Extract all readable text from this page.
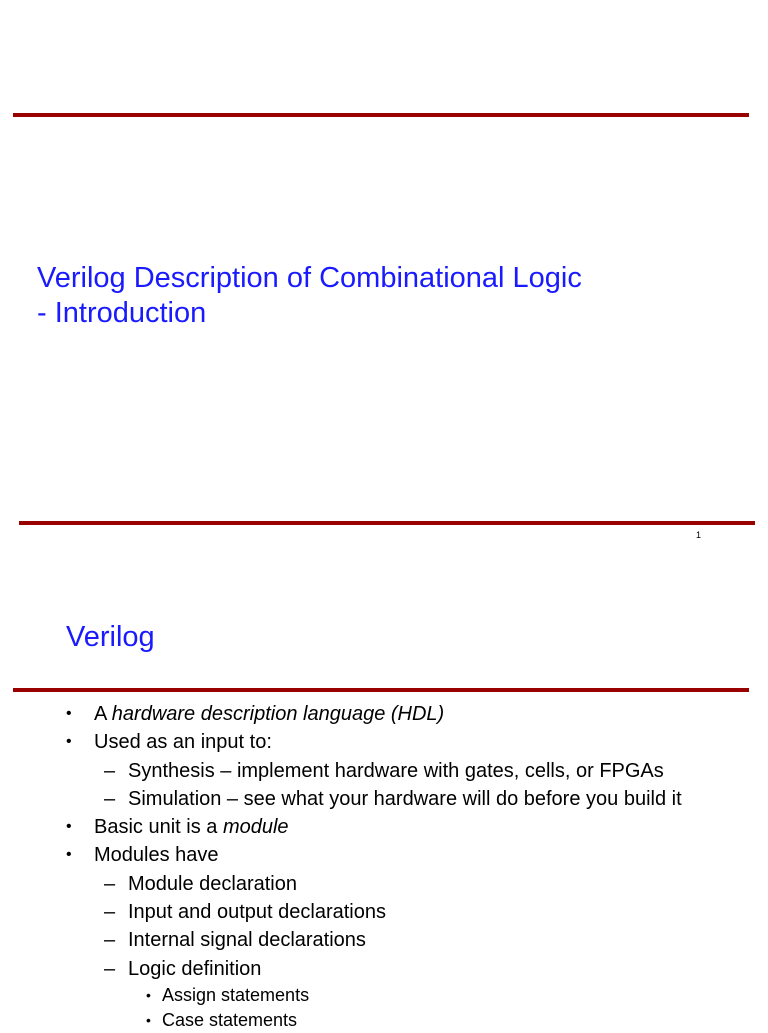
Verilog Description of Combinational Logic
- Introduction
1
Verilog
• A hardware description language (HDL)
• Used as an input to:
– Synthesis – implement hardware with gates, cells, or FPGAs
– Simulation – see what your hardware will do before you build it
• Basic unit is a module
• Modules have
– Module declaration
– Input and output declarations
– Internal signal declarations
– Logic definition
• Assign statements
• Case statements
